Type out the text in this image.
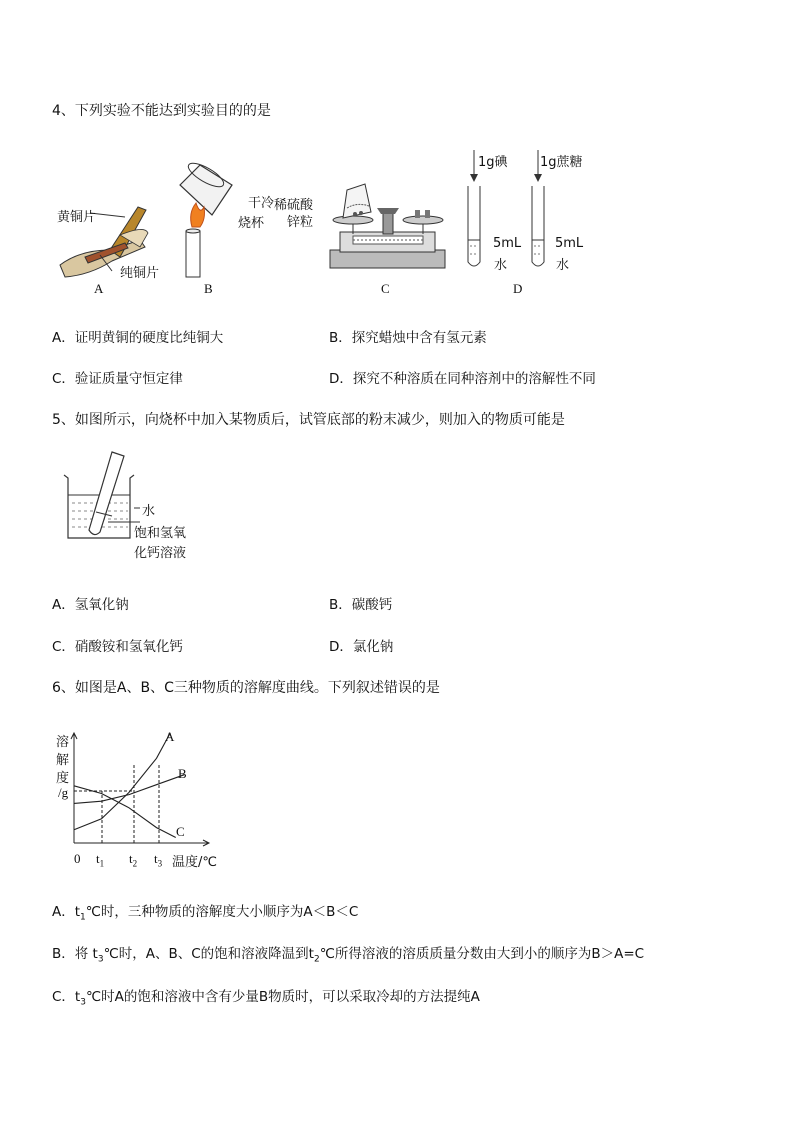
4、下列实验不能达到实验目的的是
黄铜片
纯铜片
A
干冷
烧杯
B
稀硫酸
锌粒
C
1g碘 1g蔗糖
5mL
水
5mL
水
D
A．证明黄铜的硬度比纯铜大	B．探究蜡烛中含有氢元素
C．验证质量守恒定律	D．探究不种溶质在同种溶剂中的溶解性不同
5、如图所示，向烧杯中加入某物质后，试管底部的粉末减少，则加入的物质可能是
水
饱和氢氧
化钙溶液
A．氢氧化钠	B．碳酸钙
C．硝酸铵和氢氧化钙	D．氯化钠
6、如图是A、B、C三种物质的溶解度曲线。下列叙述错误的是
溶
解
度
/g
0 $t_1$ $t_2$ $t_3$ 温度/℃
A
B
C
A．$t_1℃$时，三种物质的溶解度大小顺序为A＜B＜C
B．将 $t_3℃$时，A、B、C的饱和溶液降温到$t_2℃$所得溶液的溶质质量分数由大到小的顺序为B＞A=C
C．$t_3℃$时A的饱和溶液中含有少量B物质时，可以采取冷却的方法提纯A
